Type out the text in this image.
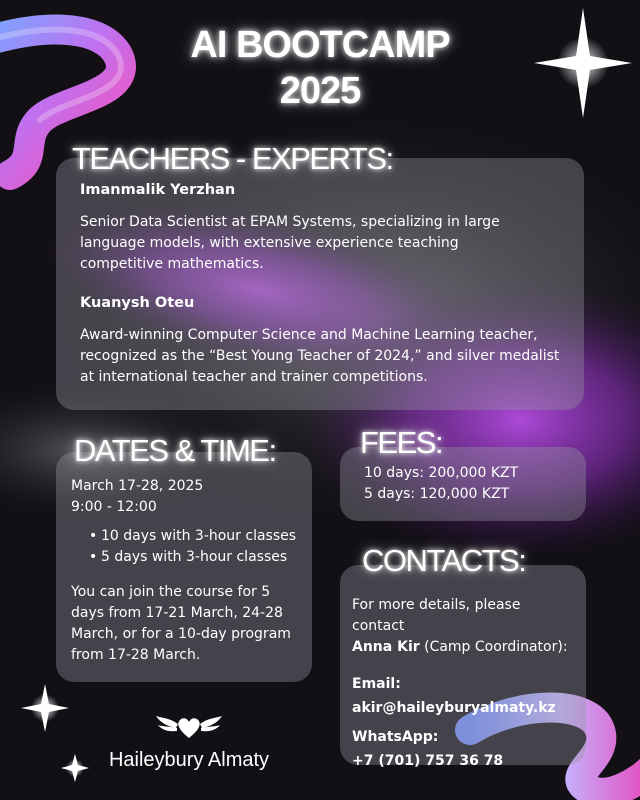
AI BOOTCAMP
2025
Imanmalik Yerzhan

Senior Data Scientist at EPAM Systems, specializing in large language models, with extensive experience teaching competitive mathematics.

Kuanysh Oteu

Award-winning Computer Science and Machine Learning teacher, recognized as the “Best Young Teacher of 2024,” and silver medalist at international teacher and trainer competitions.

TEACHERS - EXPERTS:

March 17-28, 2025

9:00 - 12:00

• 10 days with 3-hour classes
• 5 days with 3-hour classes

You can join the course for 5 days from 17-21 March, 24-28 March, or for a 10-day program from 17-28 March.

DATES & TIME:

10 days: 200,000 KZT

5 days: 120,000 KZT

FEES:

For more details, please contact

Anna Kir (Camp Coordinator):

Email:

akir@haileyburyalmaty.kz

WhatsApp:

+7 (701) 757 36 78

CONTACTS:
Haileybury Almaty
